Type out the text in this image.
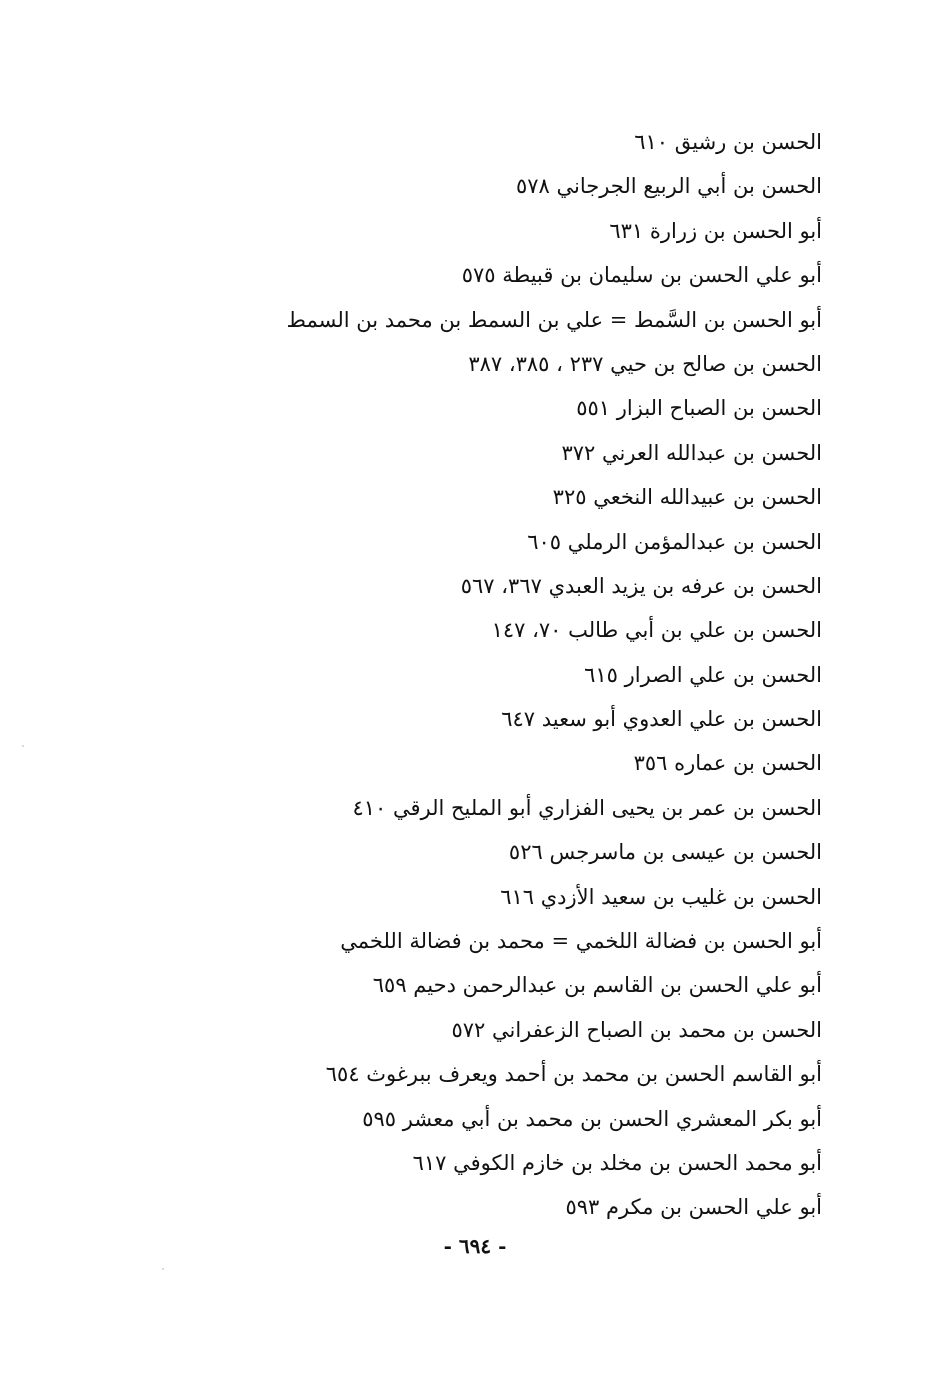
الحسن بن رشيق ٦١٠
الحسن بن أبي الربيع الجرجاني ٥٧٨
أبو الحسن بن زرارة ٦٣١
أبو علي الحسن بن سليمان بن قبيطة ٥٧٥
أبو الحسن بن السَّمط = علي بن السمط بن محمد بن السمط
الحسن بن صالح بن حيي ٢٣٧ ، ٣٨٥، ٣٨٧
الحسن بن الصباح البزار ٥٥١
الحسن بن عبدالله العرني ٣٧٢
الحسن بن عبيدالله النخعي ٣٢٥
الحسن بن عبدالمؤمن الرملي ٦٠٥
الحسن بن عرفه بن يزيد العبدي ٣٦٧، ٥٦٧
الحسن بن علي بن أبي طالب ٧٠، ١٤٧
الحسن بن علي الصرار ٦١٥
الحسن بن علي العدوي أبو سعيد ٦٤٧
الحسن بن عماره ٣٥٦
الحسن بن عمر بن يحيى الفزاري أبو المليح الرقي ٤١٠
الحسن بن عيسى بن ماسرجس ٥٢٦
الحسن بن غليب بن سعيد الأزدي ٦١٦
أبو الحسن بن فضالة اللخمي = محمد بن فضالة اللخمي
أبو علي الحسن بن القاسم بن عبدالرحمن دحيم ٦٥٩
الحسن بن محمد بن الصباح الزعفراني ٥٧٢
أبو القاسم الحسن بن محمد بن أحمد ويعرف ببرغوث ٦٥٤
أبو بكر المعشري الحسن بن محمد بن أبي معشر ٥٩٥
أبو محمد الحسن بن مخلد بن خازم الكوفي ٦١٧
أبو علي الحسن بن مكرم ٥٩٣
- ٦٩٤ -
